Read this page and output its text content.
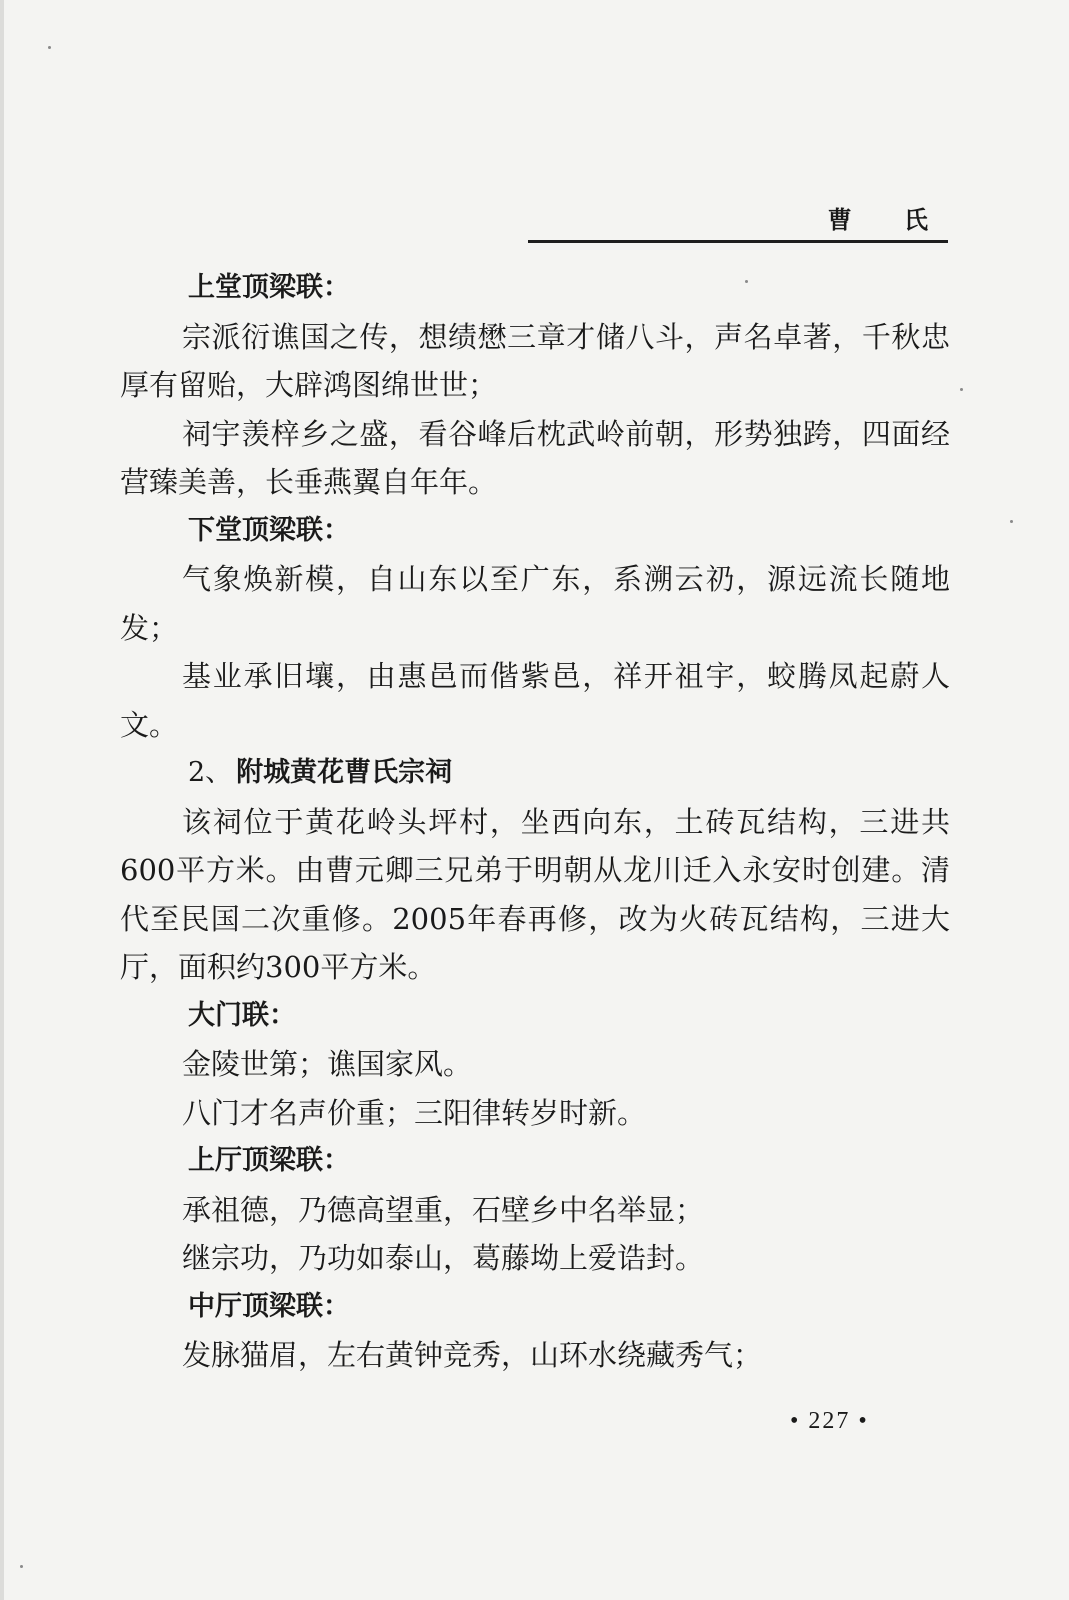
曹 氏
上堂顶梁联：

宗派衍谯国之传，想绩懋三章才储八斗，声名卓著，千秋忠厚有留贻，大辟鸿图绵世世；

祠宇羡梓乡之盛，看谷峰后枕武岭前朝，形势独跨，四面经营臻美善，长垂燕翼自年年。

下堂顶梁联：

气象焕新模，自山东以至广东，系溯云礽，源远流长随地发；

基业承旧壤，由惠邑而偕紫邑，祥开祖宇，蛟腾凤起蔚人文。

2、 附城黄花曹氏宗祠

该祠位于黄花岭头坪村，坐西向东，土砖瓦结构，三进共600平方米。由曹元卿三兄弟于明朝从龙川迁入永安时创建。清代至民国二次重修。2005年春再修，改为火砖瓦结构，三进大厅，面积约300平方米。

大门联：

金陵世第；谯国家风。

八门才名声价重；三阳律转岁时新。

上厅顶梁联：

承祖德，乃德高望重，石壁乡中名举显；

继宗功，乃功如泰山，葛藤坳上爱诰封。

中厅顶梁联：

发脉猫眉，左右黄钟竞秀，山环水绕藏秀气；

• 227 •
